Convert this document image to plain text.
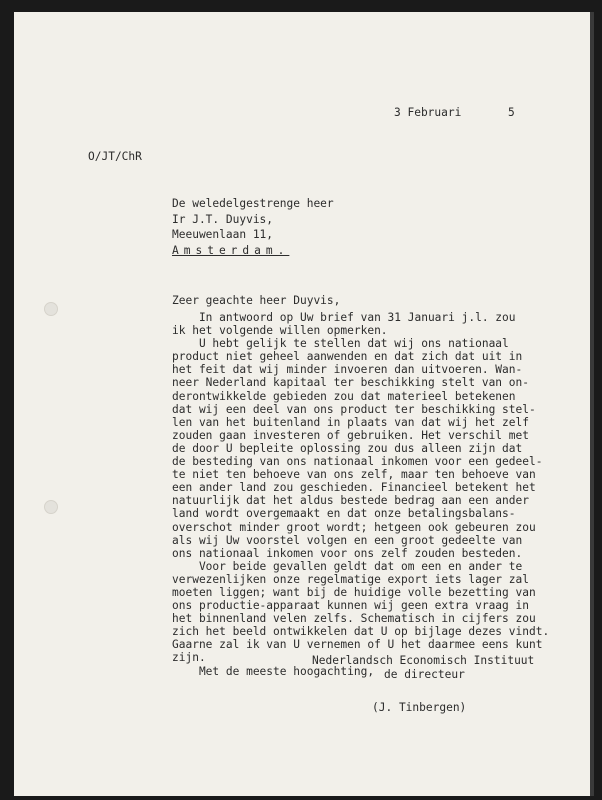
3 Februari	5
O/JT/ChR
De weledelgestrenge heer
Ir J.T. Duyvis,
Meeuwenlaan 11,
Amsterdam.
Zeer geachte heer Duyvis,
In antwoord op Uw brief van 31 Januari j.l. zou
ik het volgende willen opmerken.
U hebt gelijk te stellen dat wij ons nationaal
product niet geheel aanwenden en dat zich dat uit in
het feit dat wij minder invoeren dan uitvoeren. Wan-
neer Nederland kapitaal ter beschikking stelt van on-
derontwikkelde gebieden zou dat materieel betekenen
dat wij een deel van ons product ter beschikking stel-
len van het buitenland in plaats van dat wij het zelf
zouden gaan investeren of gebruiken. Het verschil met
de door U bepleite oplossing zou dus alleen zijn dat
de besteding van ons nationaal inkomen voor een gedeel-
te niet ten behoeve van ons zelf, maar ten behoeve van
een ander land zou geschieden. Financieel betekent het
natuurlijk dat het aldus bestede bedrag aan een ander
land wordt overgemaakt en dat onze betalingsbalans-
overschot minder groot wordt; hetgeen ook gebeuren zou
als wij Uw voorstel volgen en een groot gedeelte van
ons nationaal inkomen voor ons zelf zouden besteden.
Voor beide gevallen geldt dat om een en ander te
verwezenlijken onze regelmatige export iets lager zal
moeten liggen; want bij de huidige volle bezetting van
ons productie-apparaat kunnen wij geen extra vraag in
het binnenland velen zelfs. Schematisch in cijfers zou
zich het beeld ontwikkelen dat U op bijlage dezes vindt.
Gaarne zal ik van U vernemen of U het daarmee eens kunt
zijn.
Met de meeste hoogachting,
Nederlandsch Economisch Instituut
de directeur
(J. Tinbergen)
